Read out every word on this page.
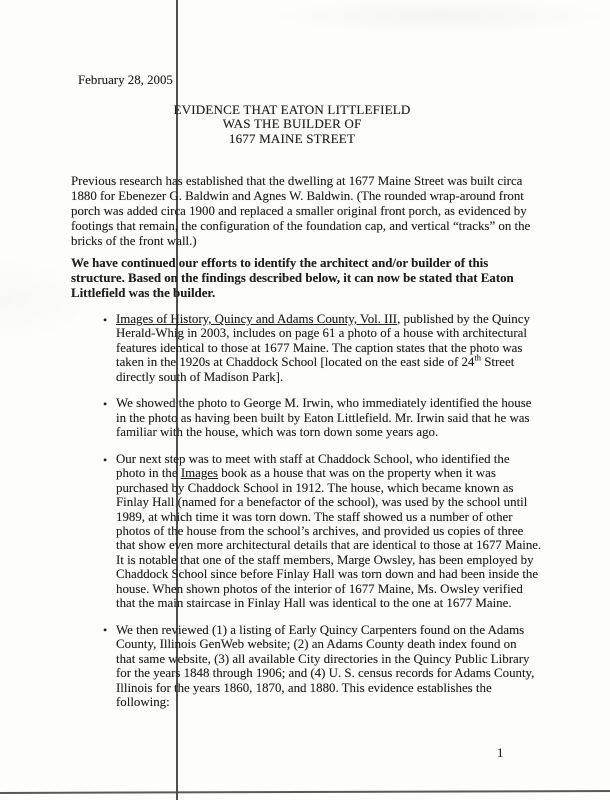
February 28, 2005
EVIDENCE THAT EATON LITTLEFIELD
WAS THE BUILDER OF
1677 MAINE STREET
Previous research has established that the dwelling at 1677 Maine Street was built circa
1880 for Ebenezer G. Baldwin and Agnes W. Baldwin. (The rounded wrap-around front
porch was added circa 1900 and replaced a smaller original front porch, as evidenced by
footings that remain, the configuration of the foundation cap, and vertical “tracks” on the
bricks of the front wall.)
We have continued our efforts to identify the architect and/or builder of this
structure. Based on the findings described below, it can now be stated that Eaton
Littlefield was the builder.
• Images of History, Quincy and Adams County, Vol. III, published by the Quincy
Herald-Whig in 2003, includes on page 61 a photo of a house with architectural
features identical to those at 1677 Maine. The caption states that the photo was
taken in the 1920s at Chaddock School [located on the east side of 24th Street
directly south of Madison Park].
• We showed the photo to George M. Irwin, who immediately identified the house
in the photo as having been built by Eaton Littlefield. Mr. Irwin said that he was
familiar with the house, which was torn down some years ago.
• Our next step was to meet with staff at Chaddock School, who identified the
photo in the Images book as a house that was on the property when it was
purchased by Chaddock School in 1912. The house, which became known as
Finlay Hall (named for a benefactor of the school), was used by the school until
1989, at which time it was torn down. The staff showed us a number of other
photos of the house from the school’s archives, and provided us copies of three
that show even more architectural details that are identical to those at 1677 Maine.
It is notable that one of the staff members, Marge Owsley, has been employed by
Chaddock School since before Finlay Hall was torn down and had been inside the
house. When shown photos of the interior of 1677 Maine, Ms. Owsley verified
that the main staircase in Finlay Hall was identical to the one at 1677 Maine.
• We then reviewed (1) a listing of Early Quincy Carpenters found on the Adams
County, Illinois GenWeb website; (2) an Adams County death index found on
that same website, (3) all available City directories in the Quincy Public Library
for the years 1848 through 1906; and (4) U. S. census records for Adams County,
Illinois for the years 1860, 1870, and 1880. This evidence establishes the
following:
1
